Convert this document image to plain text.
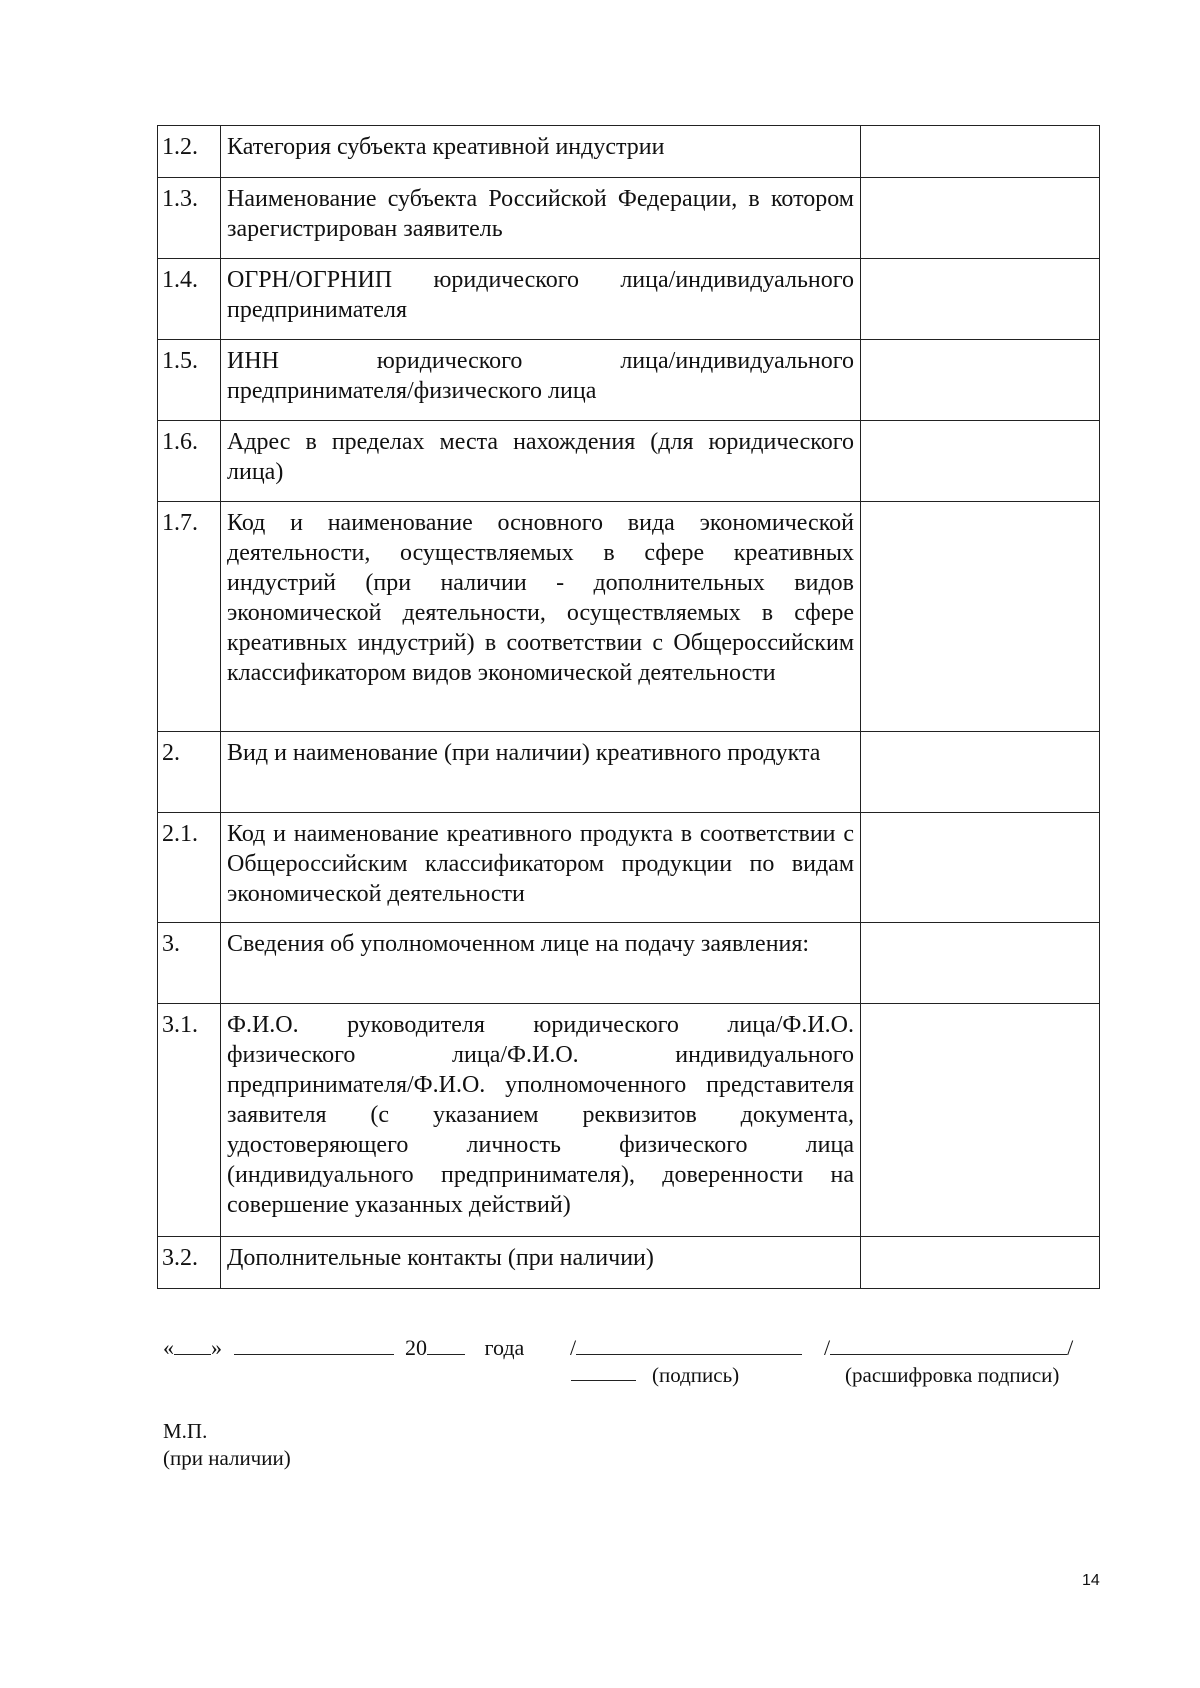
1.2.	Категория субъекта креативной индустрии	
1.3.	Наименование субъекта Российской Федерации, в котором зарегистрирован заявитель	
1.4.	ОГРН/ОГРНИП юридического лица/индивидуального предпринимателя	
1.5.	ИНН юридического лица/индивидуального предпринимателя/физического лица	
1.6.	Адрес в пределах места нахождения (для юридического лица)	
1.7.	Код и наименование основного вида экономической деятельности, осуществляемых в сфере креативных индустрий (при наличии - дополнительных видов экономической деятельности, осуществляемых в сфере креативных индустрий) в соответствии с Общероссийским классификатором видов экономической деятельности	
2.	Вид и наименование (при наличии) креативного продукта	
2.1.	Код и наименование креативного продукта в соответствии с Общероссийским классификатором продукции по видам экономической деятельности	
3.	Сведения об уполномоченном лице на подачу заявления:	
3.1.	Ф.И.О. руководителя юридического лица/Ф.И.О. физического лица/Ф.И.О. индивидуального предпринимателя/Ф.И.О. уполномоченного представителя заявителя (с указанием реквизитов документа, удостоверяющего личность физического лица (индивидуального предпринимателя), доверенности на совершение указанных действий)	
3.2.	Дополнительные контакты (при наличии)	
« »	20	года /	/	/
(подпись)	(расшифровка подписи)
М.П.
(при наличии)
14
